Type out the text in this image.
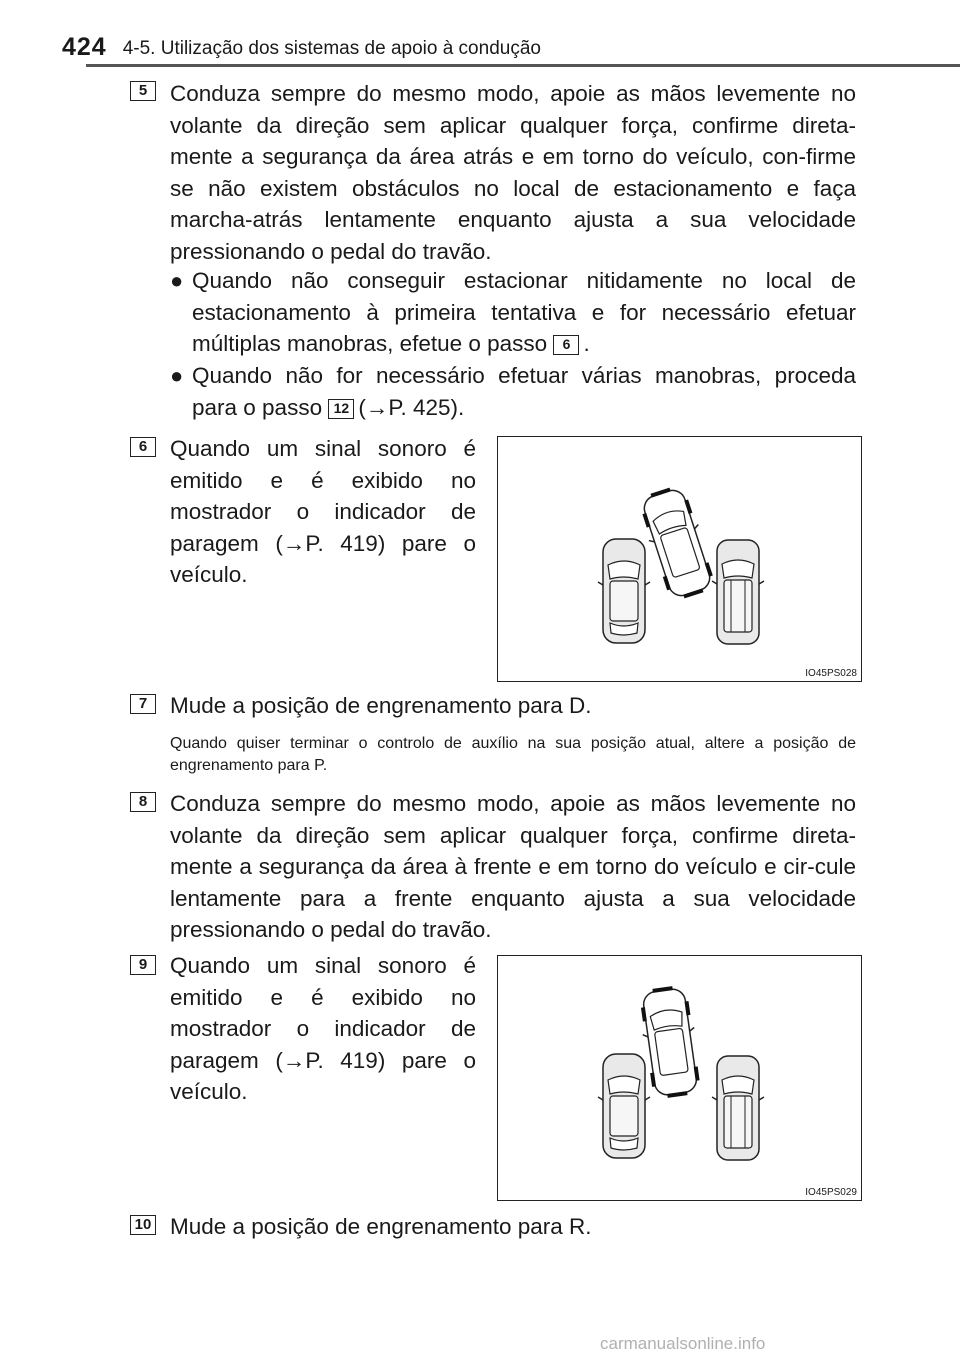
424 4-5. Utilização dos sistemas de apoio à condução
5	Conduza sempre do mesmo modo, apoie as mãos levemente no volante da direção sem aplicar qualquer força, confirme direta-mente a segurança da área atrás e em torno do veículo, con-firme se não existem obstáculos no local de estacionamento e faça marcha-atrás lentamente enquanto ajusta a sua velocidade pressionando o pedal do travão.
● Quando não conseguir estacionar nitidamente no local de estacionamento à primeira tentativa e for necessário efetuar múltiplas manobras, efetue o passo 6 .
● Quando não for necessário efetuar várias manobras, proceda para o passo 12 (→P. 425).
6	Quando um sinal sonoro é emitido e é exibido no mostrador o indicador de paragem (→P. 419) pare o veículo.
IO45PS028
7	Mude a posição de engrenamento para D.
Quando quiser terminar o controlo de auxílio na sua posição atual, altere a posição de engrenamento para P.
8	Conduza sempre do mesmo modo, apoie as mãos levemente no volante da direção sem aplicar qualquer força, confirme direta-mente a segurança da área à frente e em torno do veículo e cir-cule lentamente para a frente enquanto ajusta a sua velocidade pressionando o pedal do travão.
9	Quando um sinal sonoro é emitido e é exibido no mostrador o indicador de paragem (→P. 419) pare o veículo.
IO45PS029
10 Mude a posição de engrenamento para R.
carmanualsonline.info
